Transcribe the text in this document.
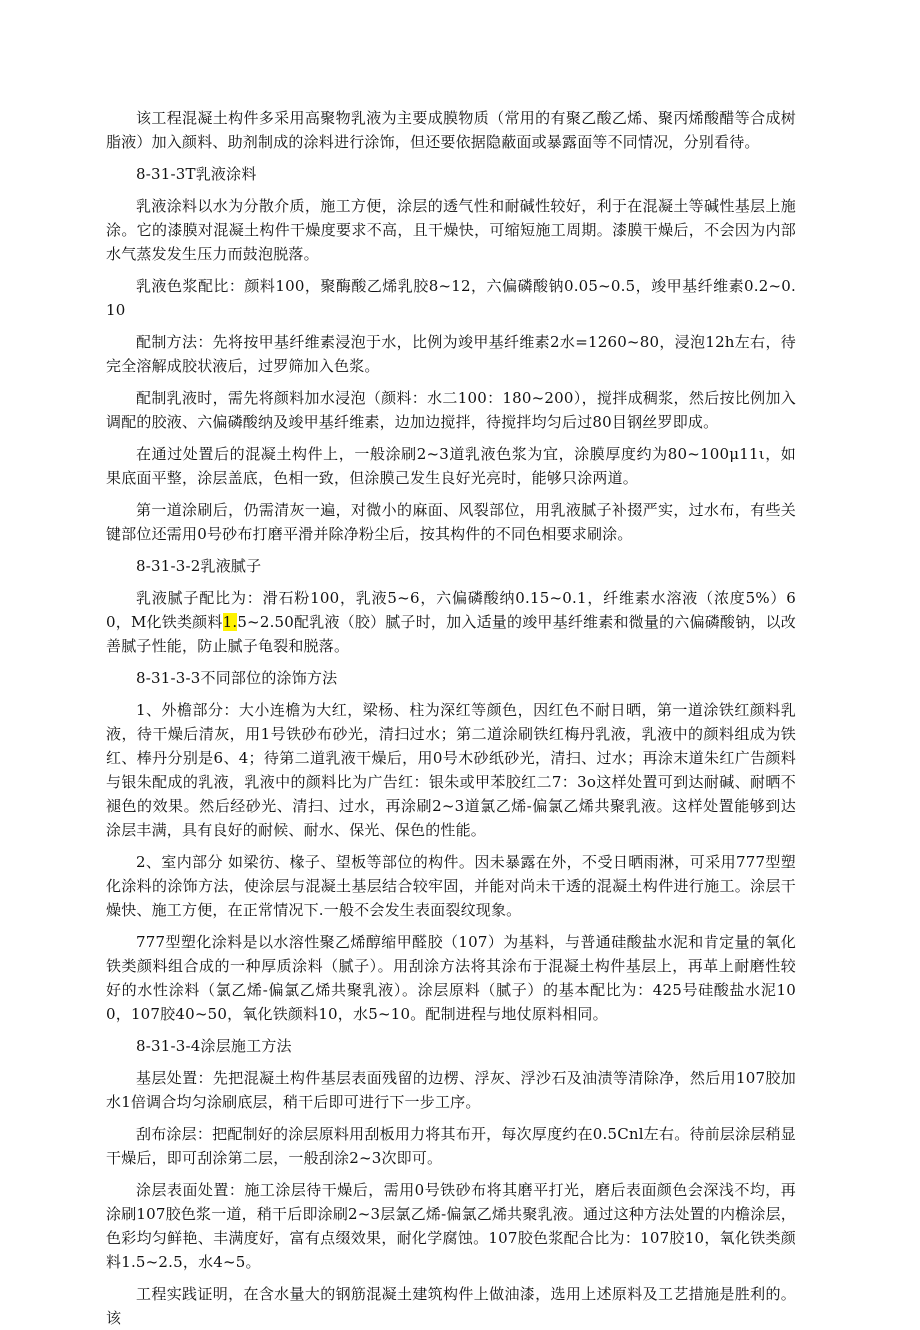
该工程混凝土构件多采用高聚物乳液为主要成膜物质（常用的有聚乙酸乙烯、聚丙烯酸醋等合成树脂液）加入颜料、助剂制成的涂料进行涂饰，但还要依据隐蔽面或暴露面等不同情况，分别看待。

8-31-3T乳液涂料

乳液涂料以水为分散介质，施工方便，涂层的透气性和耐碱性较好，利于在混凝土等碱性基层上施涂。它的漆膜对混凝土构件干燥度要求不高，且干燥快，可缩短施工周期。漆膜干燥后，不会因为内部水气蒸发发生压力而鼓泡脱落。

乳液色浆配比：颜料100，聚酶酸乙烯乳胶8~12，六偏磷酸钠0.05~0.5，竣甲基纤维素0.2~0.10

配制方法：先将按甲基纤维素浸泡于水，比例为竣甲基纤维素2水=1260~80，浸泡12h左右，待完全溶解成胶状液后，过罗筛加入色浆。

配制乳液时，需先将颜料加水浸泡（颜料：水二100：180~200），搅拌成稠浆，然后按比例加入调配的胶液、六偏磷酸纳及竣甲基纤维素，边加边搅拌，待搅拌均匀后过80目钢丝罗即成。

在通过处置后的混凝土构件上，一般涂刷2~3道乳液色浆为宜，涂膜厚度约为80~100μ11ι，如果底面平整，涂层盖底，色相一致，但涂膜己发生良好光亮时，能够只涂两道。

第一道涂刷后，仍需清灰一遍，对微小的麻面、风裂部位，用乳液腻子补掇严实，过水布，有些关键部位还需用0号砂布打磨平滑并除净粉尘后，按其构件的不同色相要求刷涂。

8-31-3-2乳液腻子

乳液腻子配比为：滑石粉100，乳液5~6，六偏磷酸纳0.15~0.1，纤维素水溶液（浓度5%）60，M化铁类颜料1.5~2.50配乳液（胶）腻子时，加入适量的竣甲基纤维素和微量的六偏磷酸钠，以改善腻子性能，防止腻子龟裂和脱落。

8-31-3-3不同部位的涂饰方法

1、外檐部分：大小连檐为大红，梁杨、柱为深红等颜色，因红色不耐日晒，第一道涂铁红颜料乳液，待干燥后清灰，用1号铁砂布砂光，清扫过水；第二道涂刷铁红梅丹乳液，乳液中的颜料组成为铁红、棒丹分别是6、4；待第二道乳液干燥后，用0号木砂纸砂光，清扫、过水；再涂末道朱红广告颜料与银朱配成的乳液，乳液中的颜料比为广告红：银朱或甲苯胶红二7：3o这样处置可到达耐碱、耐晒不褪色的效果。然后经砂光、清扫、过水，再涂刷2~3道氯乙烯-偏氯乙烯共聚乳液。这样处置能够到达涂层丰满，具有良好的耐候、耐水、保光、保色的性能。

2、室内部分 如梁彷、椽子、望板等部位的构件。因未暴露在外，不受日晒雨淋，可采用777型塑化涂料的涂饰方法，使涂层与混凝土基层结合较牢固，并能对尚未干透的混凝土构件进行施工。涂层干燥快、施工方便，在正常情况下.一般不会发生表面裂纹现象。

777型塑化涂料是以水溶性聚乙烯醇缩甲醛胶（107）为基料，与普通硅酸盐水泥和肯定量的氧化铁类颜料组合成的一种厚质涂料（腻子）。用刮涂方法将其涂布于混凝土构件基层上，再革上耐磨性较好的水性涂料（氯乙烯-偏氯乙烯共聚乳液）。涂层原料（腻子）的基本配比为：425号硅酸盐水泥100，107胶40~50，氧化铁颜料10，水5~10。配制进程与地仗原料相同。

8-31-3-4涂层施工方法

基层处置：先把混凝土构件基层表面残留的边楞、浮灰、浮沙石及油渍等清除净，然后用107胶加水1倍调合均匀涂刷底层，稍干后即可进行下一步工序。

刮布涂层：把配制好的涂层原料用刮板用力将其布开，每次厚度约在0.5Cnl左右。待前层涂层稍显干燥后，即可刮涂第二层，一般刮涂2~3次即可。

涂层表面处置：施工涂层待干燥后，需用0号铁砂布将其磨平打光，磨后表面颜色会深浅不均，再涂刷107胶色浆一道，稍干后即涂刷2~3层氯乙烯-偏氯乙烯共聚乳液。通过这种方法处置的内檐涂层，色彩均匀鲜艳、丰满度好，富有点缀效果，耐化学腐蚀。107胶色浆配合比为：107胶10，氧化铁类颜料1.5~2.5，水4~5。

工程实践证明，在含水量大的钢筋混凝土建筑构件上做油漆，选用上述原料及工艺措施是胜利的。该
